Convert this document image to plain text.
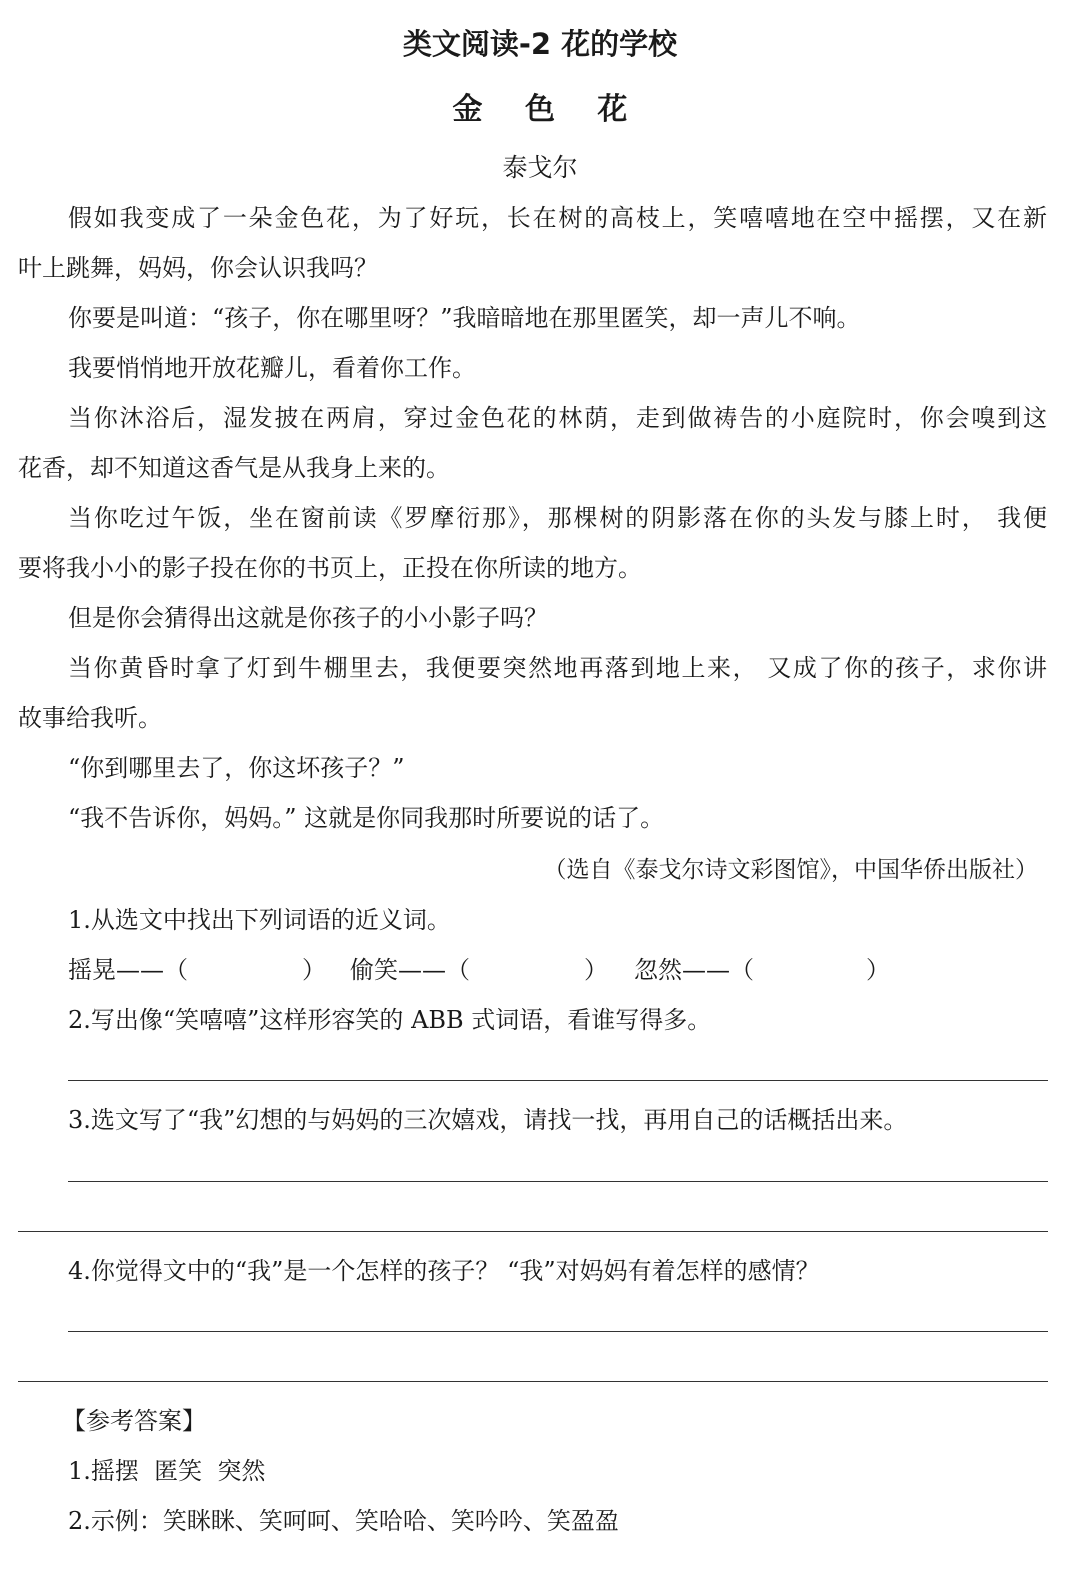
类文阅读-2 花的学校
金 色 花
泰戈尔
假如我变成了一朵金色花，为了好玩，长在树的高枝上，笑嘻嘻地在空中摇摆，又在新
叶上跳舞，妈妈，你会认识我吗？
你要是叫道：“孩子，你在哪里呀？”我暗暗地在那里匿笑，却一声儿不响。
我要悄悄地开放花瓣儿，看着你工作。
当你沐浴后，湿发披在两肩，穿过金色花的林荫，走到做祷告的小庭院时，你会嗅到这
花香，却不知道这香气是从我身上来的。
当你吃过午饭，坐在窗前读《罗摩衍那》，那棵树的阴影落在你的头发与膝上时， 我便
要将我小小的影子投在你的书页上，正投在你所读的地方。
但是你会猜得出这就是你孩子的小小影子吗？
当你黄昏时拿了灯到牛棚里去，我便要突然地再落到地上来， 又成了你的孩子，求你讲
故事给我听。
“你到哪里去了，你这坏孩子？”
“我不告诉你，妈妈。” 这就是你同我那时所要说的话了。
（选自《泰戈尔诗文彩图馆》，中国华侨出版社）
1.从选文中找出下列词语的近义词。
摇晃——（	） 偷笑——（	） 忽然——（	）
2.写出像“笑嘻嘻”这样形容笑的 ABB 式词语，看谁写得多。
3.选文写了“我”幻想的与妈妈的三次嬉戏，请找一找，再用自己的话概括出来。
4.你觉得文中的“我”是一个怎样的孩子？ “我”对妈妈有着怎样的感情？
【参考答案】
1.摇摆  匿笑  突然
2.示例：笑眯眯、笑呵呵、笑哈哈、笑吟吟、笑盈盈
